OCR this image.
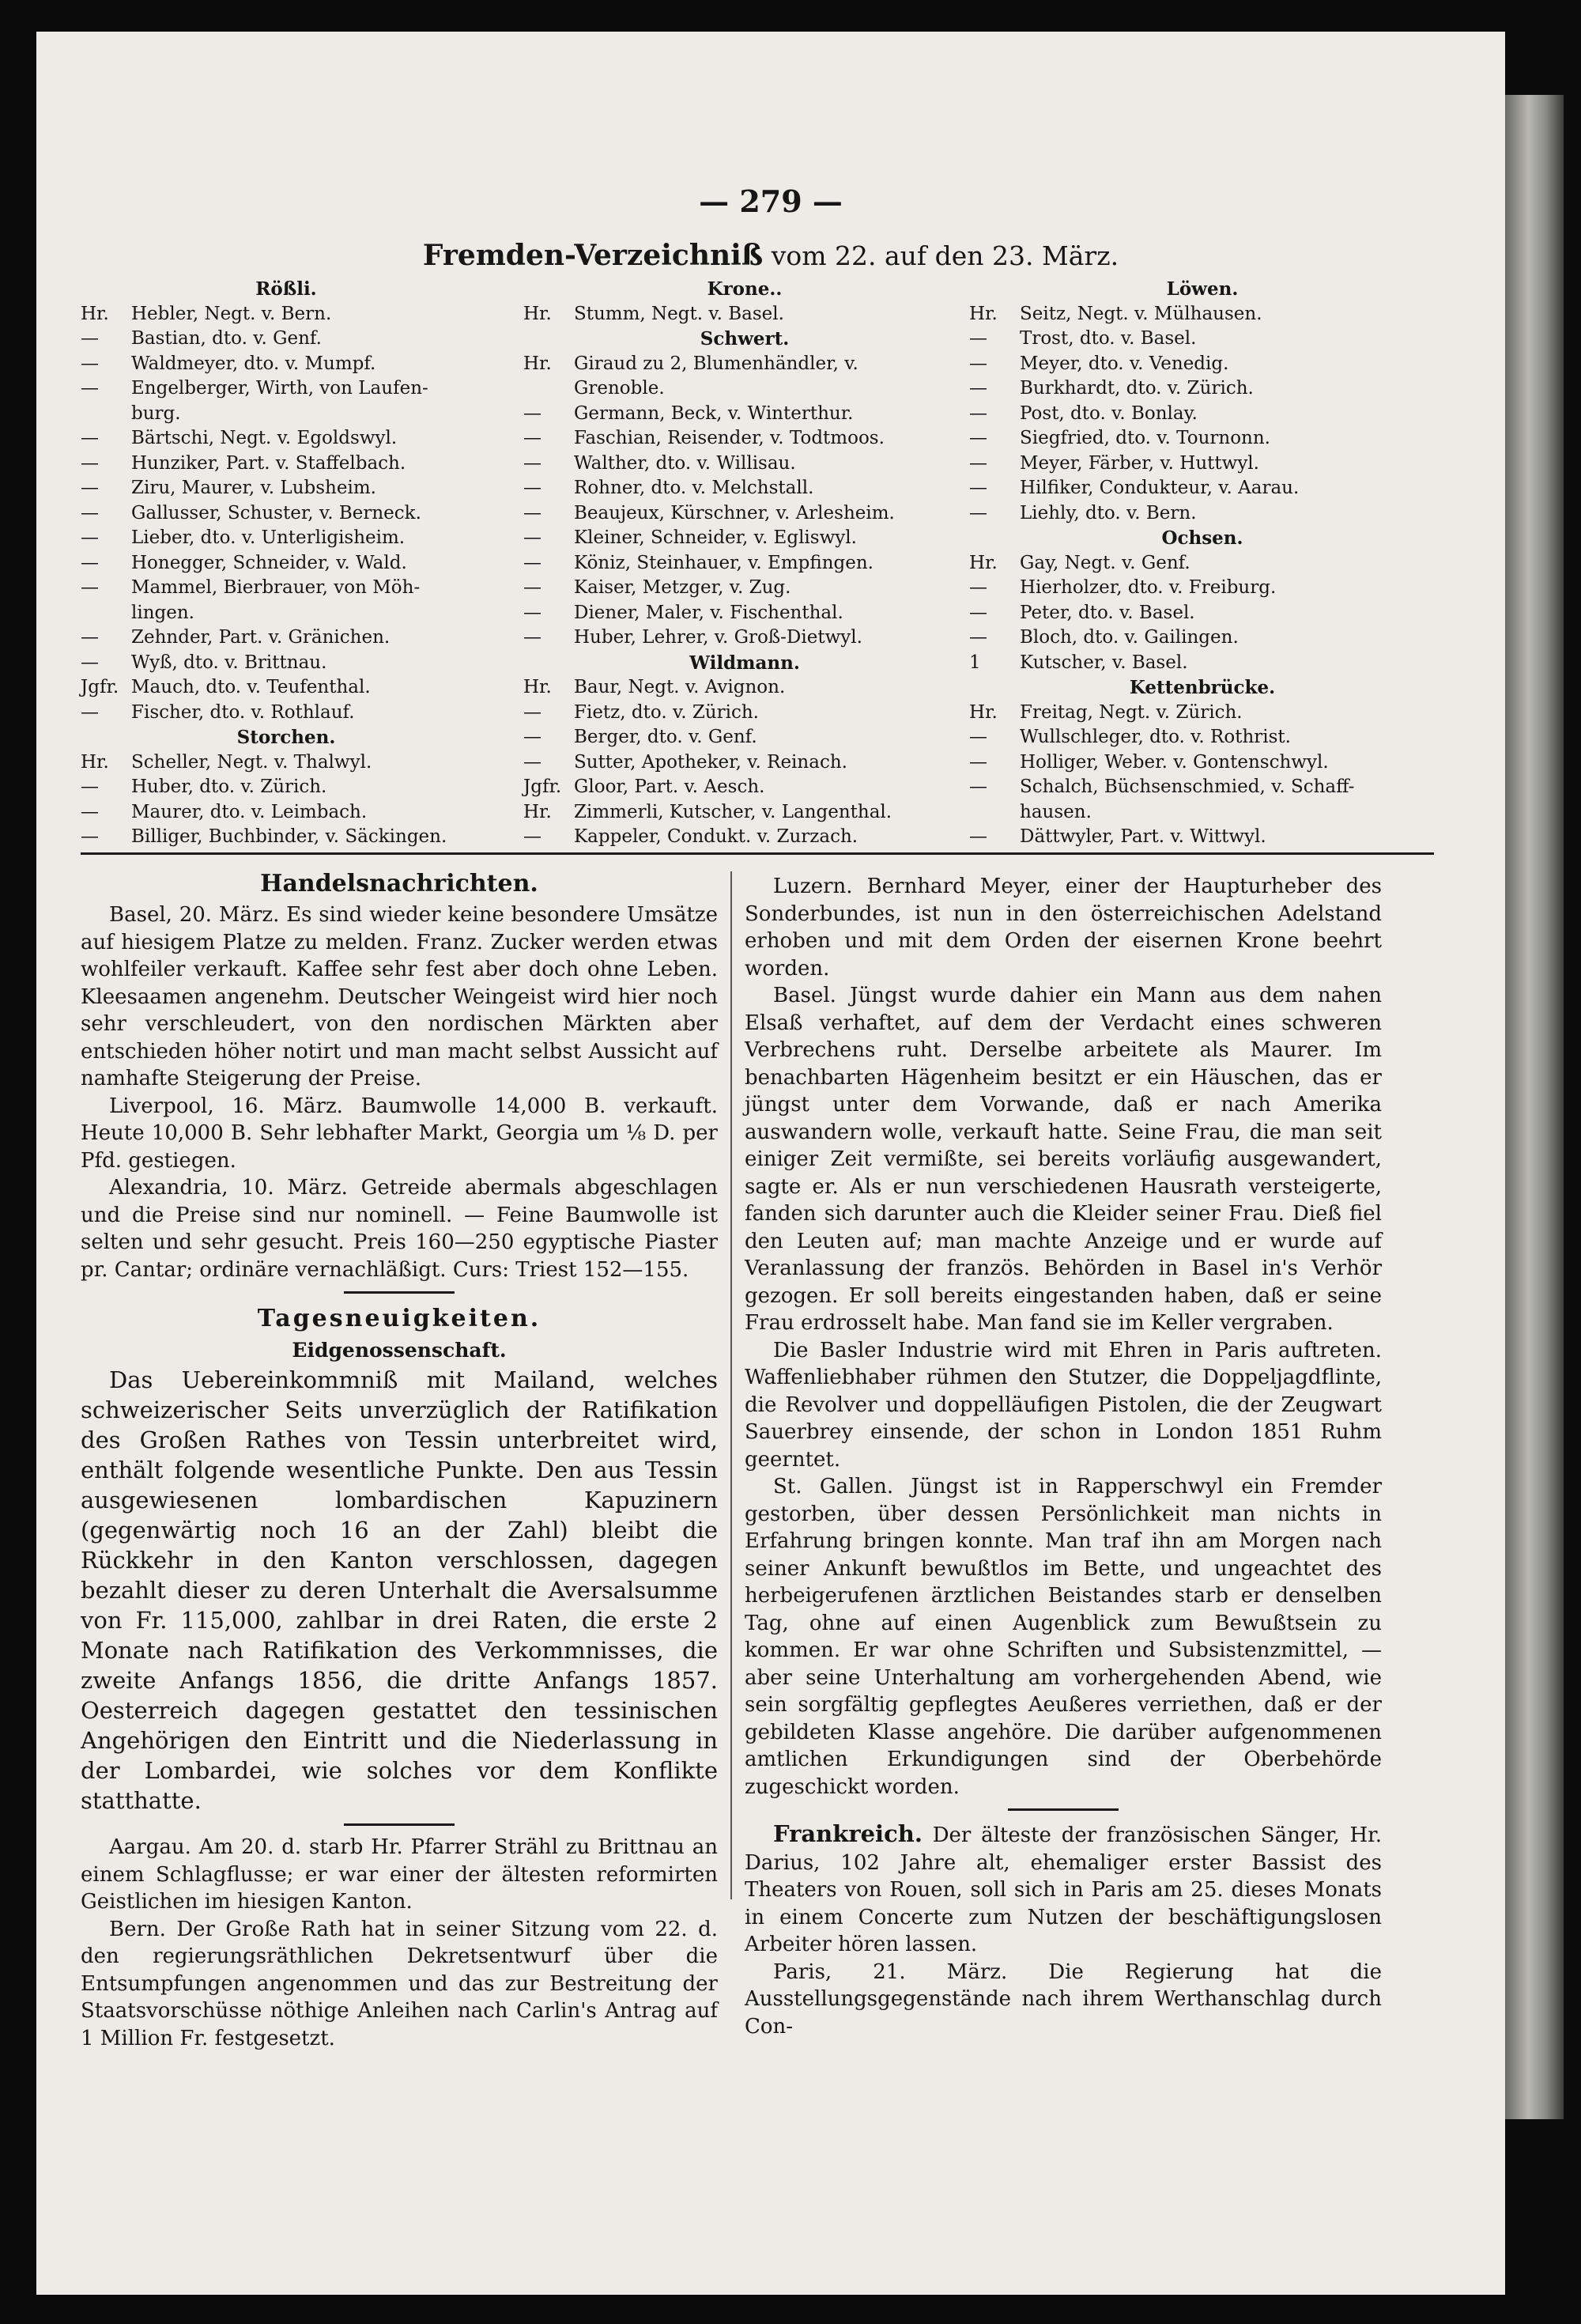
— 279 —
Fremden-Verzeichniß vom 22. auf den 23. März.
Rößli.
Hr.	Hebler, Negt. v. Bern.
—	Bastian, dto. v. Genf.
—	Waldmeyer, dto. v. Mumpf.
—	Engelberger, Wirth, von Laufen-
burg.
—	Bärtschi, Negt. v. Egoldswyl.
—	Hunziker, Part. v. Staffelbach.
—	Ziru, Maurer, v. Lubsheim.
—	Gallusser, Schuster, v. Berneck.
—	Lieber, dto. v. Unterligisheim.
—	Honegger, Schneider, v. Wald.
—	Mammel, Bierbrauer, von Möh-
lingen.
—	Zehnder, Part. v. Gränichen.
—	Wyß, dto. v. Brittnau.
Jgfr. Mauch, dto. v. Teufenthal.
—	Fischer, dto. v. Rothlauf.
Storchen.
Hr.	Scheller, Negt. v. Thalwyl.
—	Huber, dto. v. Zürich.
—	Maurer, dto. v. Leimbach.
—	Billiger, Buchbinder, v. Säckingen.
Krone..
Hr.	Stumm, Negt. v. Basel.
Schwert.
Hr.	Giraud zu 2, Blumenhändler, v.
Grenoble.
—	Germann, Beck, v. Winterthur.
—	Faschian, Reisender, v. Todtmoos.
—	Walther, dto. v. Willisau.
—	Rohner, dto. v. Melchstall.
—	Beaujeux, Kürschner, v. Arlesheim.
—	Kleiner, Schneider, v. Egliswyl.
—	Köniz, Steinhauer, v. Empfingen.
—	Kaiser, Metzger, v. Zug.
—	Diener, Maler, v. Fischenthal.
—	Huber, Lehrer, v. Groß-Dietwyl.
Wildmann.
Hr.	Baur, Negt. v. Avignon.
—	Fietz, dto. v. Zürich.
—	Berger, dto. v. Genf.
—	Sutter, Apotheker, v. Reinach.
Jgfr. Gloor, Part. v. Aesch.
Hr.	Zimmerli, Kutscher, v. Langenthal.
—	Kappeler, Condukt. v. Zurzach.
Löwen.
Hr.	Seitz, Negt. v. Mülhausen.
—	Trost, dto. v. Basel.
—	Meyer, dto. v. Venedig.
—	Burkhardt, dto. v. Zürich.
—	Post, dto. v. Bonlay.
—	Siegfried, dto. v. Tournonn.
—	Meyer, Färber, v. Huttwyl.
—	Hilfiker, Condukteur, v. Aarau.
—	Liehly, dto. v. Bern.
Ochsen.
Hr.	Gay, Negt. v. Genf.
—	Hierholzer, dto. v. Freiburg.
—	Peter, dto. v. Basel.
—	Bloch, dto. v. Gailingen.
1	Kutscher, v. Basel.
Kettenbrücke.
Hr.	Freitag, Negt. v. Zürich.
—	Wullschleger, dto. v. Rothrist.
—	Holliger, Weber. v. Gontenschwyl.
—	Schalch, Büchsenschmied, v. Schaff-
hausen.
—	Dättwyler, Part. v. Wittwyl.
Handelsnachrichten.

Basel, 20. März. Es sind wieder keine besondere Umsätze auf hiesigem Platze zu melden. Franz. Zucker werden etwas wohlfeiler verkauft. Kaffee sehr fest aber doch ohne Leben. Kleesaamen angenehm. Deutscher Weingeist wird hier noch sehr verschleudert, von den nordischen Märkten aber entschieden höher notirt und man macht selbst Aussicht auf namhafte Steigerung der Preise.

Liverpool, 16. März. Baumwolle 14,000 B. verkauft. Heute 10,000 B. Sehr lebhafter Markt, Georgia um ⅛ D. per Pfd. gestiegen.

Alexandria, 10. März. Getreide abermals abgeschlagen und die Preise sind nur nominell. — Feine Baumwolle ist selten und sehr gesucht. Preis 160—250 egyptische Piaster pr. Cantar; ordinäre vernachläßigt. Curs: Triest 152—155.

Tagesneuigkeiten.
Eidgenossenschaft.

Das Uebereinkommniß mit Mailand, welches schweizerischer Seits unverzüglich der Ratifikation des Großen Rathes von Tessin unterbreitet wird, enthält folgende wesentliche Punkte. Den aus Tessin ausgewiesenen lombardischen Kapuzinern (gegenwärtig noch 16 an der Zahl) bleibt die Rückkehr in den Kanton verschlossen, dagegen bezahlt dieser zu deren Unterhalt die Aversalsumme von Fr. 115,000, zahlbar in drei Raten, die erste 2 Monate nach Ratifikation des Verkommnisses, die zweite Anfangs 1856, die dritte Anfangs 1857. Oesterreich dagegen gestattet den tessinischen Angehörigen den Eintritt und die Niederlassung in der Lombardei, wie solches vor dem Konflikte statthatte.

Aargau. Am 20. d. starb Hr. Pfarrer Strähl zu Brittnau an einem Schlagflusse; er war einer der ältesten reformirten Geistlichen im hiesigen Kanton.

Bern. Der Große Rath hat in seiner Sitzung vom 22. d. den regierungsräthlichen Dekretsentwurf über die Entsumpfungen angenommen und das zur Bestreitung der Staatsvorschüsse nöthige Anleihen nach Carlin's Antrag auf 1 Million Fr. festgesetzt.

Luzern. Bernhard Meyer, einer der Haupturheber des Sonderbundes, ist nun in den österreichischen Adelstand erhoben und mit dem Orden der eisernen Krone beehrt worden.

Basel. Jüngst wurde dahier ein Mann aus dem nahen Elsaß verhaftet, auf dem der Verdacht eines schweren Verbrechens ruht. Derselbe arbeitete als Maurer. Im benachbarten Hägenheim besitzt er ein Häuschen, das er jüngst unter dem Vorwande, daß er nach Amerika auswandern wolle, verkauft hatte. Seine Frau, die man seit einiger Zeit vermißte, sei bereits vorläufig ausgewandert, sagte er. Als er nun verschiedenen Hausrath versteigerte, fanden sich darunter auch die Kleider seiner Frau. Dieß fiel den Leuten auf; man machte Anzeige und er wurde auf Veranlassung der französ. Behörden in Basel in's Verhör gezogen. Er soll bereits eingestanden haben, daß er seine Frau erdrosselt habe. Man fand sie im Keller vergraben.

Die Basler Industrie wird mit Ehren in Paris auftreten. Waffenliebhaber rühmen den Stutzer, die Doppeljagdflinte, die Revolver und doppelläufigen Pistolen, die der Zeugwart Sauerbrey einsende, der schon in London 1851 Ruhm geerntet.

St. Gallen. Jüngst ist in Rapperschwyl ein Fremder gestorben, über dessen Persönlichkeit man nichts in Erfahrung bringen konnte. Man traf ihn am Morgen nach seiner Ankunft bewußtlos im Bette, und ungeachtet des herbeigerufenen ärztlichen Beistandes starb er denselben Tag, ohne auf einen Augenblick zum Bewußtsein zu kommen. Er war ohne Schriften und Subsistenzmittel, — aber seine Unterhaltung am vorhergehenden Abend, wie sein sorgfältig gepflegtes Aeußeres verriethen, daß er der gebildeten Klasse angehöre. Die darüber aufgenommenen amtlichen Erkundigungen sind der Oberbehörde zugeschickt worden.

Frankreich. Der älteste der französischen Sänger, Hr. Darius, 102 Jahre alt, ehemaliger erster Bassist des Theaters von Rouen, soll sich in Paris am 25. dieses Monats in einem Concerte zum Nutzen der beschäftigungslosen Arbeiter hören lassen.

Paris, 21. März. Die Regierung hat die Ausstellungsgegenstände nach ihrem Werthanschlag durch Con-
